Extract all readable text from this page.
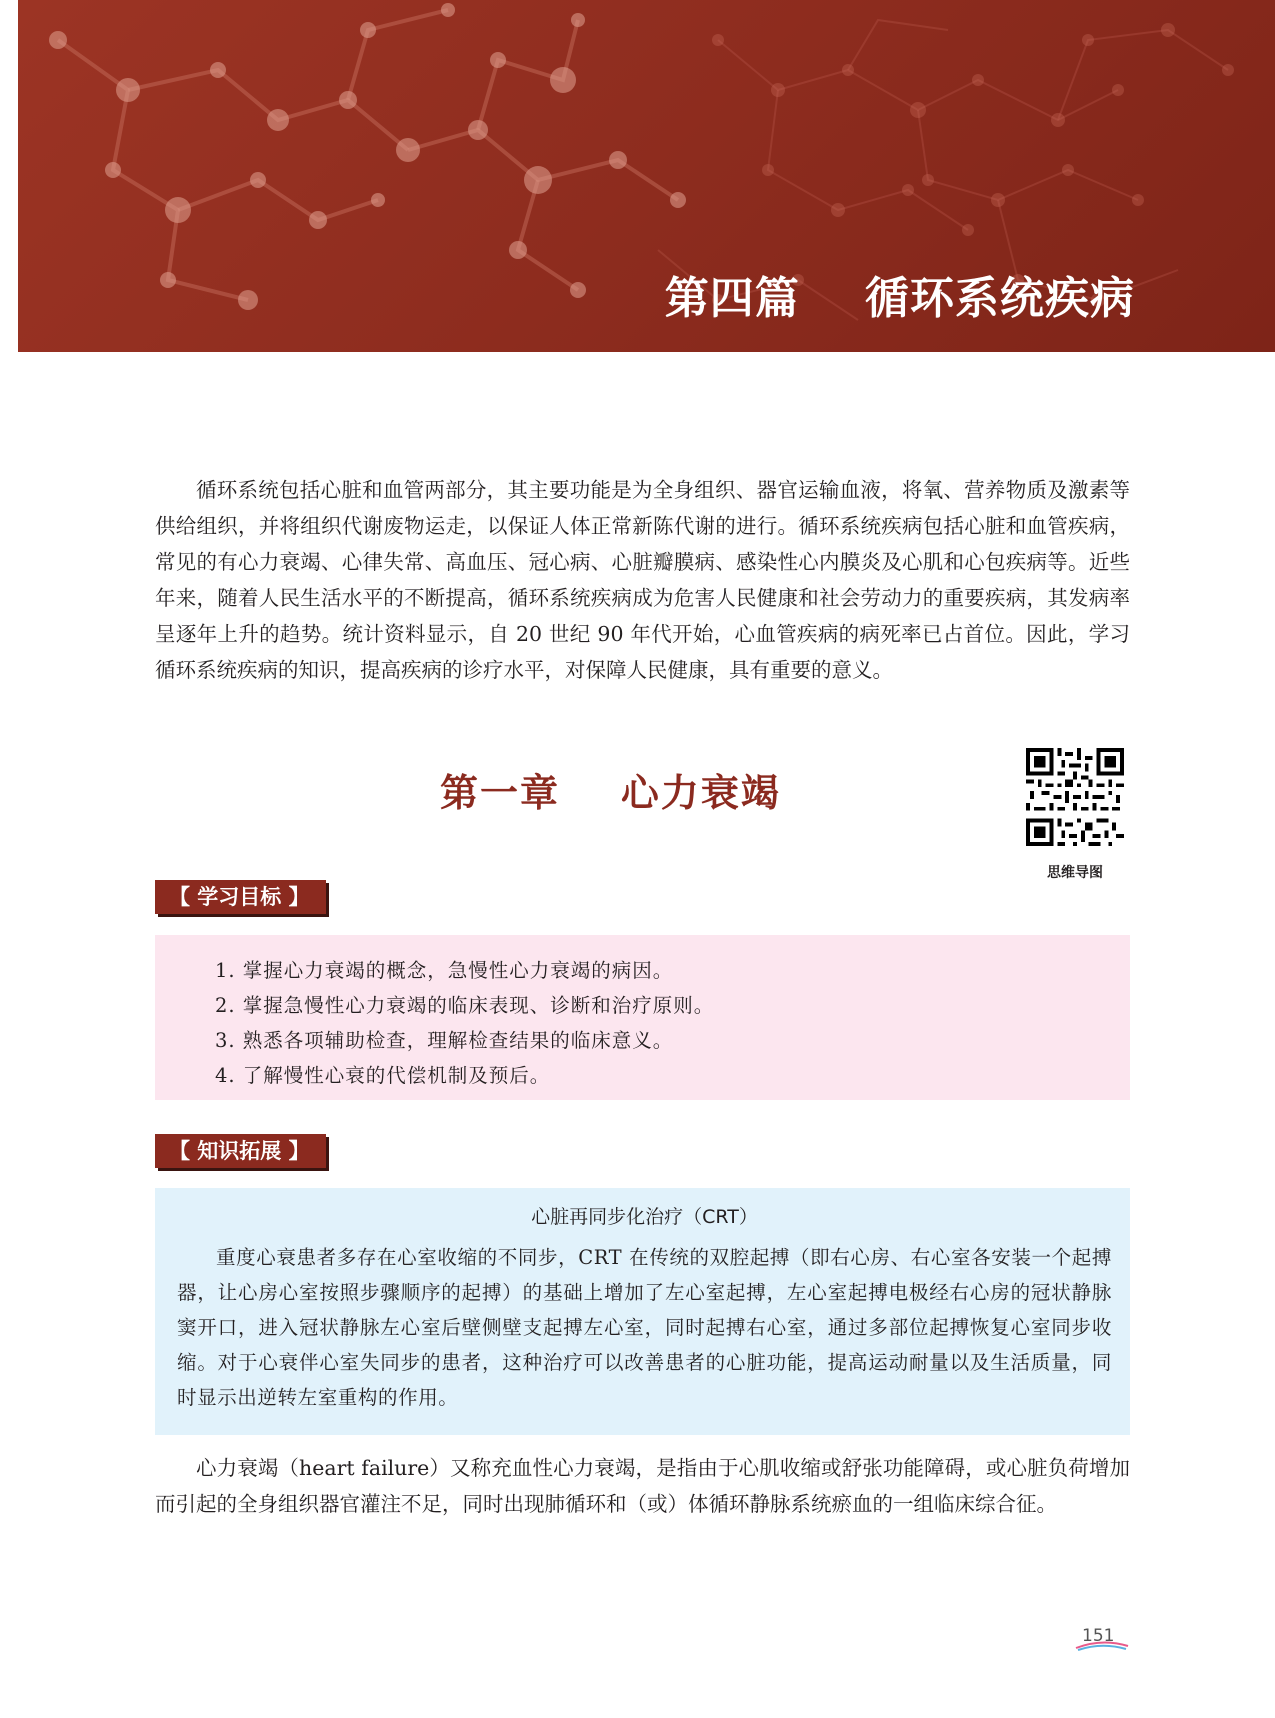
第四篇    循环系统疾病

循环系统包括心脏和血管两部分，其主要功能是为全身组织、器官运输血液，将氧、营养物质及激素等供给组织，并将组织代谢废物运走，以保证人体正常新陈代谢的进行。循环系统疾病包括心脏和血管疾病，常见的有心力衰竭、心律失常、高血压、冠心病、心脏瓣膜病、感染性心内膜炎及心肌和心包疾病等。近些年来，随着人民生活水平的不断提高，循环系统疾病成为危害人民健康和社会劳动力的重要疾病，其发病率呈逐年上升的趋势。统计资料显示，自 20 世纪 90 年代开始，心血管疾病的病死率已占首位。因此，学习循环系统疾病的知识，提高疾病的诊疗水平，对保障人民健康，具有重要的意义。

第一章    心力衰竭
思维导图
【 学习目标 】
1. 掌握心力衰竭的概念，急慢性心力衰竭的病因。
2. 掌握急慢性心力衰竭的临床表现、诊断和治疗原则。
3. 熟悉各项辅助检查，理解检查结果的临床意义。
4. 了解慢性心衰的代偿机制及预后。
【 知识拓展 】
心脏再同步化治疗（CRT）

重度心衰患者多存在心室收缩的不同步，CRT 在传统的双腔起搏（即右心房、右心室各安装一个起搏器，让心房心室按照步骤顺序的起搏）的基础上增加了左心室起搏，左心室起搏电极经右心房的冠状静脉窦开口，进入冠状静脉左心室后壁侧壁支起搏左心室，同时起搏右心室，通过多部位起搏恢复心室同步收缩。对于心衰伴心室失同步的患者，这种治疗可以改善患者的心脏功能，提高运动耐量以及生活质量，同时显示出逆转左室重构的作用。

心力衰竭（heart failure）又称充血性心力衰竭，是指由于心肌收缩或舒张功能障碍，或心脏负荷增加而引起的全身组织器官灌注不足，同时出现肺循环和（或）体循环静脉系统瘀血的一组临床综合征。

151
